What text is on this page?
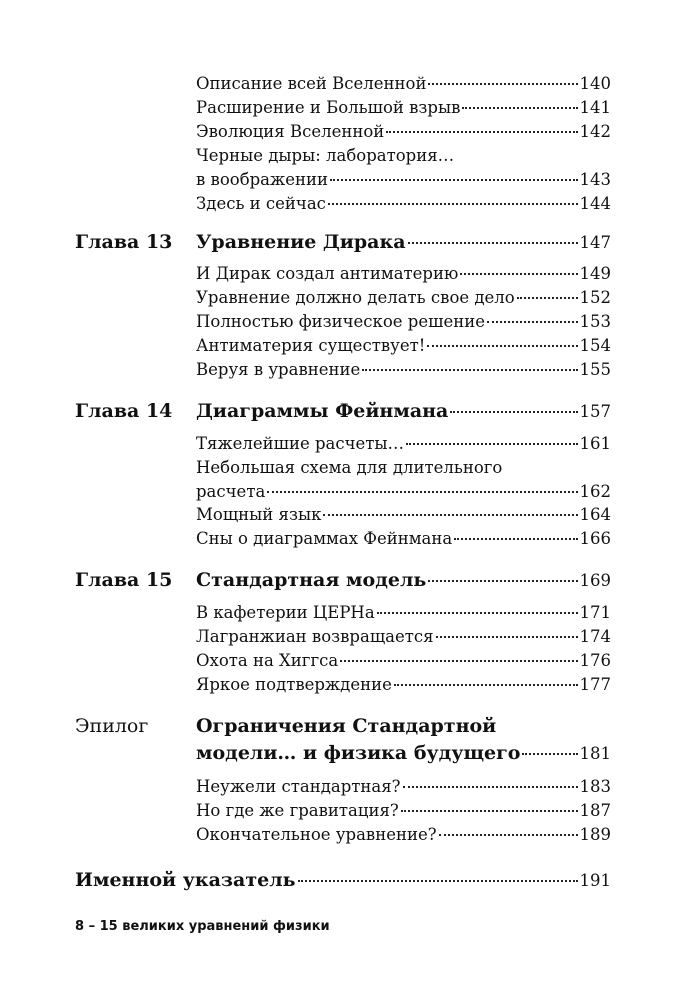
Описание всей Вселенной	140
Расширение и Большой взрыв	141
Эволюция Вселенной	142
Черные дыры: лаборатория…
в воображении	143
Здесь и сейчас	144
Глава 13 Уравнение Дирака	147
И Дирак создал антиматерию	149
Уравнение должно делать свое дело	152
Полностью физическое решение	153
Антиматерия существует!	154
Веруя в уравнение	155
Глава 14 Диаграммы Фейнмана	157
Тяжелейшие расчеты…	161
Небольшая схема для длительного
расчета	162
Мощный язык	164
Сны о диаграммах Фейнмана	166
Глава 15 Стандартная модель	169
В кафетерии ЦЕРНа	171
Лагранжиан возвращается	174
Охота на Хиггса	176
Яркое подтверждение	177
Эпилог	Ограничения Стандартной
модели… и физика будущего	181
Неужели стандартная?	183
Но где же гравитация?	187
Окончательное уравнение?	189
Именной указатель	191
8 – 15 великих уравнений физики
